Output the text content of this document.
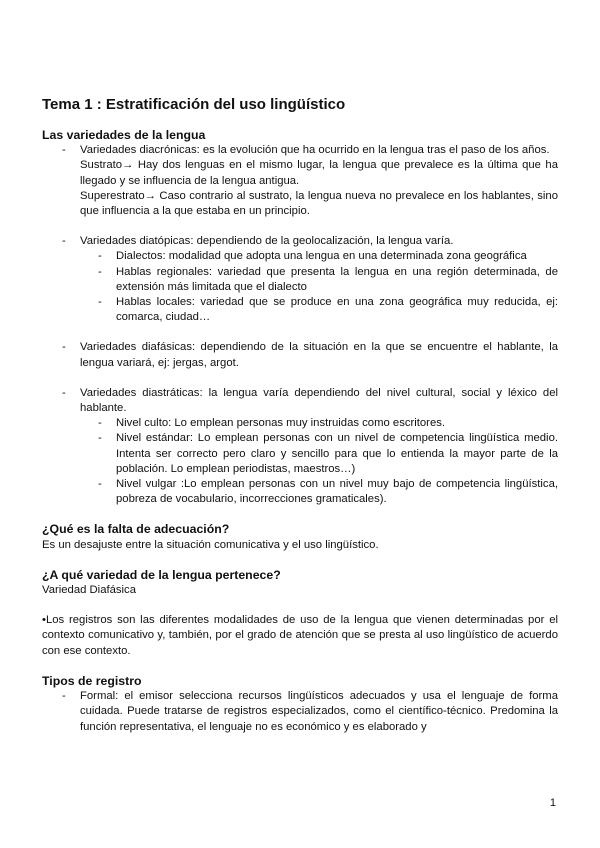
Tema 1 : Estratificación del uso lingüístico

Las variedades de la lengua

- Variedades diacrónicas: es la evolución que ha ocurrido en la lengua tras el paso de los años.
Sustrato→ Hay dos lenguas en el mismo lugar, la lengua que prevalece es la última que ha llegado y se influencia de la lengua antigua.
Superestrato→ Caso contrario al sustrato, la lengua nueva no prevalece en los hablantes, sino que influencia a la que estaba en un principio.
- Variedades diatópicas: dependiendo de la geolocalización, la lengua varía.
- Dialectos: modalidad que adopta una lengua en una determinada zona geográfica
- Hablas regionales: variedad que presenta la lengua en una región determinada, de extensión más limitada que el dialecto
- Hablas locales: variedad que se produce en una zona geográfica muy reducida, ej: comarca, ciudad…
- Variedades diafásicas: dependiendo de la situación en la que se encuentre el hablante, la lengua variará, ej: jergas, argot.
- Variedades diastráticas: la lengua varía dependiendo del nivel cultural, social y léxico del hablante.
- Nivel culto: Lo emplean personas muy instruidas como escritores.
- Nivel estándar: Lo emplean personas con un nivel de competencia lingüística medio. Intenta ser correcto pero claro y sencillo para que lo entienda la mayor parte de la población. Lo emplean periodistas, maestros…)
- Nivel vulgar :Lo emplean personas con un nivel muy bajo de competencia lingüística, pobreza de vocabulario, incorrecciones gramaticales).

¿Qué es la falta de adecuación?

Es un desajuste entre la situación comunicativa y el uso lingüístico.

¿A qué variedad de la lengua pertenece?

Variedad Diafásica

•Los registros son las diferentes modalidades de uso de la lengua que vienen determinadas por el contexto comunicativo y, también, por el grado de atención que se presta al uso lingüístico de acuerdo con ese contexto.

Tipos de registro

- Formal: el emisor selecciona recursos lingüísticos adecuados y usa el lenguaje de forma cuidada. Puede tratarse de registros especializados, como el científico-técnico. Predomina la función representativa, el lenguaje no es económico y es elaborado y
1
